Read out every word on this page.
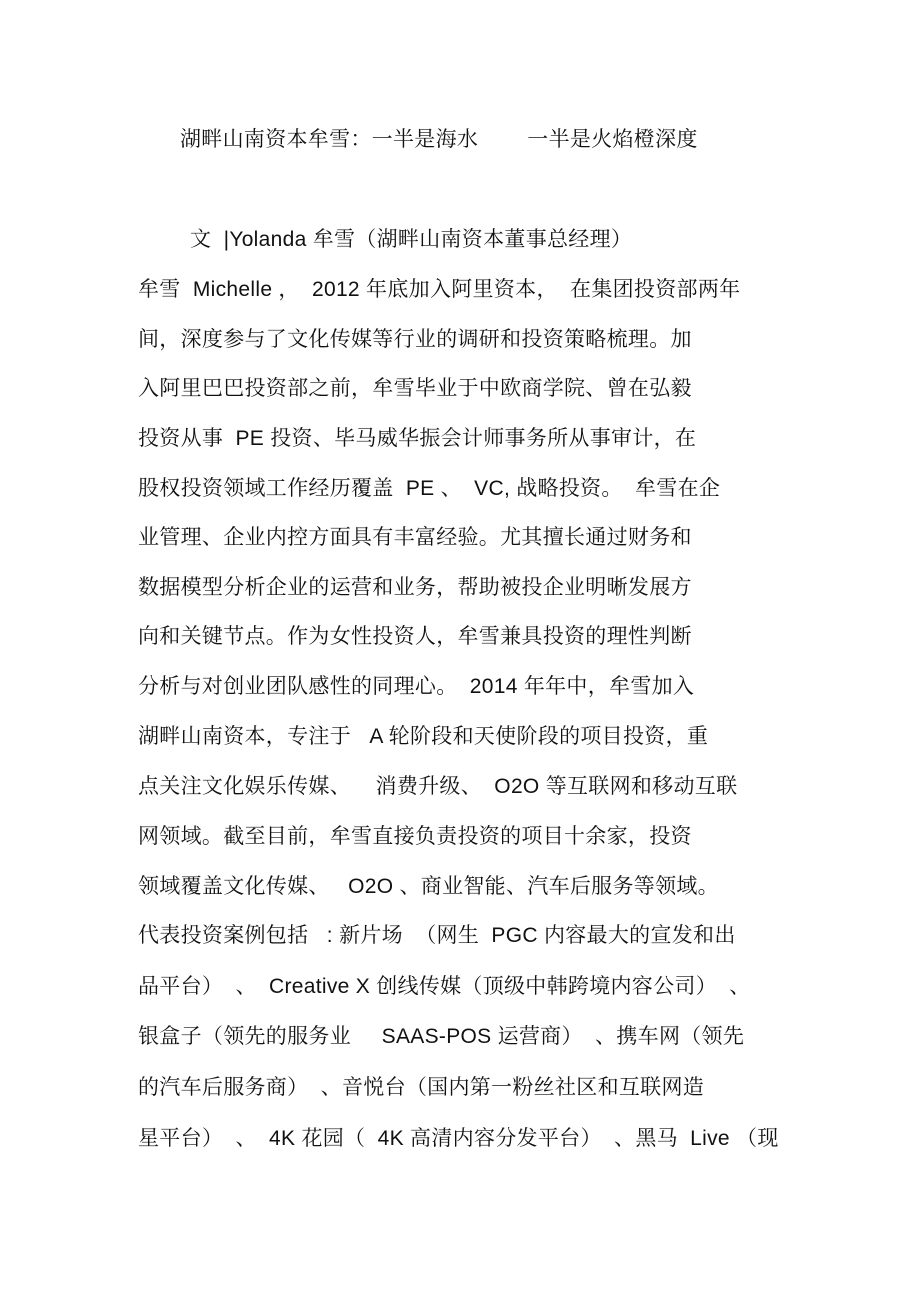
湖畔山南资本牟雪：一半是海水        一半是火焰橙深度
文  |Yolanda 牟雪（湖畔山南资本董事总经理）
牟雪  Michelle ，  2012 年底加入阿里资本，  在集团投资部两年
间，深度参与了文化传媒等行业的调研和投资策略梳理。加
入阿里巴巴投资部之前，牟雪毕业于中欧商学院、曾在弘毅
投资从事  PE 投资、毕马威华振会计师事务所从事审计，在
股权投资领域工作经历覆盖  PE 、  VC, 战略投资。  牟雪在企
业管理、企业内控方面具有丰富经验。尤其擅长通过财务和
数据模型分析企业的运营和业务，帮助被投企业明晰发展方
向和关键节点。作为女性投资人，牟雪兼具投资的理性判断
分析与对创业团队感性的同理心。  2014 年年中，牟雪加入
湖畔山南资本，专注于   A 轮阶段和天使阶段的项目投资，重
点关注文化娱乐传媒、    消费升级、  O2O 等互联网和移动互联
网领域。截至目前，牟雪直接负责投资的项目十余家，投资
领域覆盖文化传媒、   O2O 、商业智能、汽车后服务等领域。
代表投资案例包括   : 新片场  （网生  PGC 内容最大的宣发和出
品平台）  、  Creative X 创线传媒（顶级中韩跨境内容公司）  、
银盒子（领先的服务业     SAAS-POS 运营商）  、携车网（领先
的汽车后服务商）  、音悦台（国内第一粉丝社区和互联网造
星平台）  、  4K 花园（  4K 高清内容分发平台）  、黑马  Live （现
